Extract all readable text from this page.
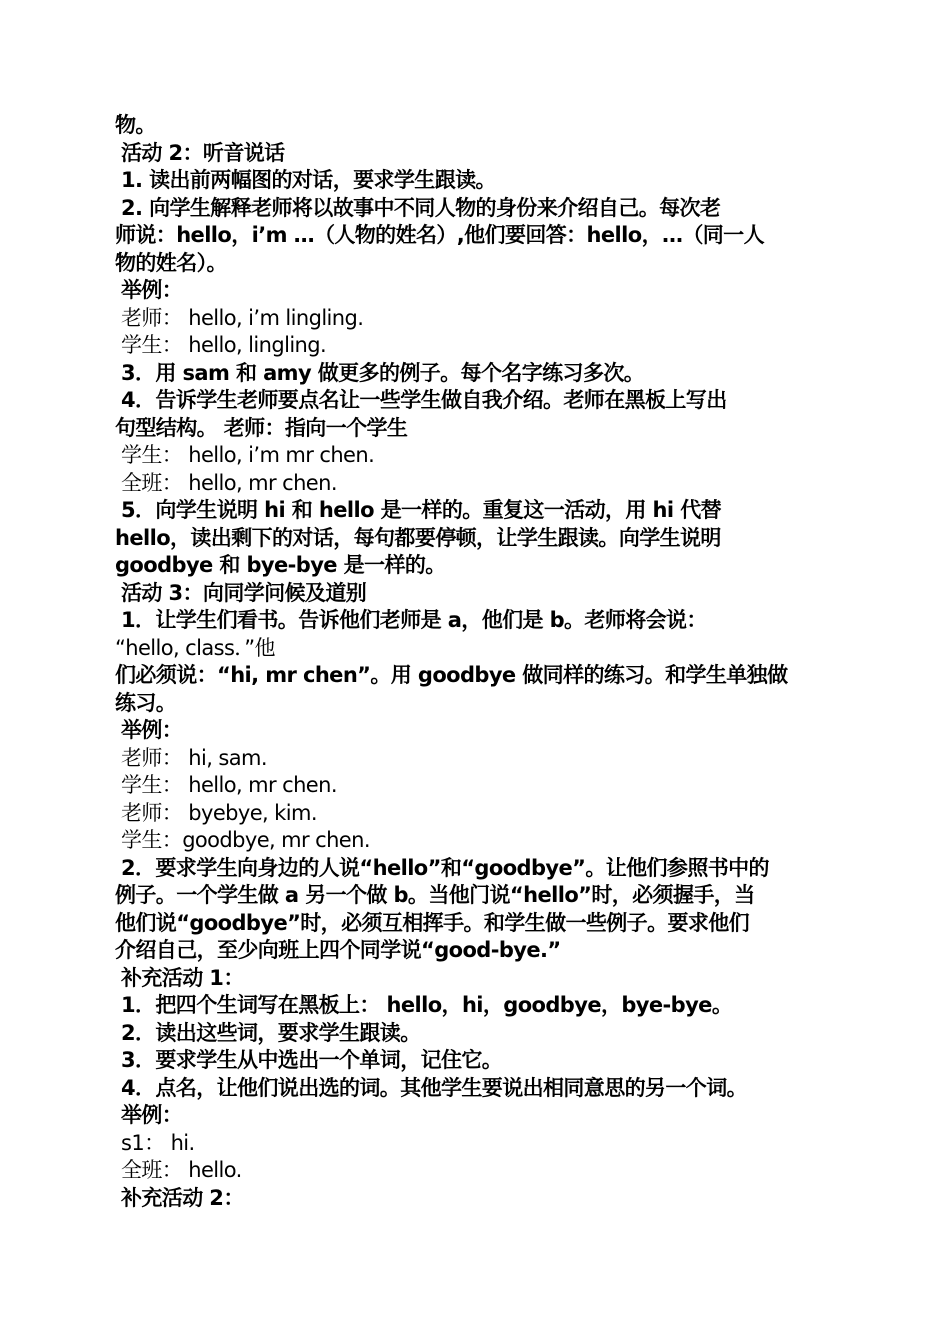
物。
活动 2：听音说话
1. 读出前两幅图的对话，要求学生跟读。
2. 向学生解释老师将以故事中不同人物的身份来介绍自己。每次老
师说：hello，i’m …（人物的姓名）,他们要回答：hello，…（同一人
物的姓名）。
举例：
老师： hello, i’m lingling.
学生： hello, lingling.
3．用 sam 和 amy 做更多的例子。每个名字练习多次。
4．告诉学生老师要点名让一些学生做自我介绍。老师在黑板上写出
句型结构。 老师：指向一个学生
学生： hello, i’m mr chen.
全班： hello, mr chen.
5．向学生说明 hi 和 hello 是一样的。重复这一活动，用 hi 代替
hello，读出剩下的对话，每句都要停顿，让学生跟读。向学生说明
goodbye 和 bye-bye 是一样的。
活动 3：向同学问候及道别
1．让学生们看书。告诉他们老师是 a，他们是 b。老师将会说：
“hello, class．”他
们必须说：“hi, mr chen”。用 goodbye 做同样的练习。和学生单独做
练习。
举例：
老师： hi, sam.
学生： hello, mr chen.
老师： byebye, kim.
学生：goodbye, mr chen.
2．要求学生向身边的人说“hello”和“goodbye”。让他们参照书中的
例子。一个学生做 a 另一个做 b。当他门说“hello”时，必须握手，当
他们说“goodbye”时，必须互相挥手。和学生做一些例子。要求他们
介绍自己，至少向班上四个同学说“good-bye.”
补充活动 1：
1．把四个生词写在黑板上： hello，hi，goodbye，bye-bye。
2．读出这些词，要求学生跟读。
3．要求学生从中选出一个单词，记住它。
4．点名，让他们说出选的词。其他学生要说出相同意思的另一个词。
举例：
s1： hi.
全班： hello.
补充活动 2：
